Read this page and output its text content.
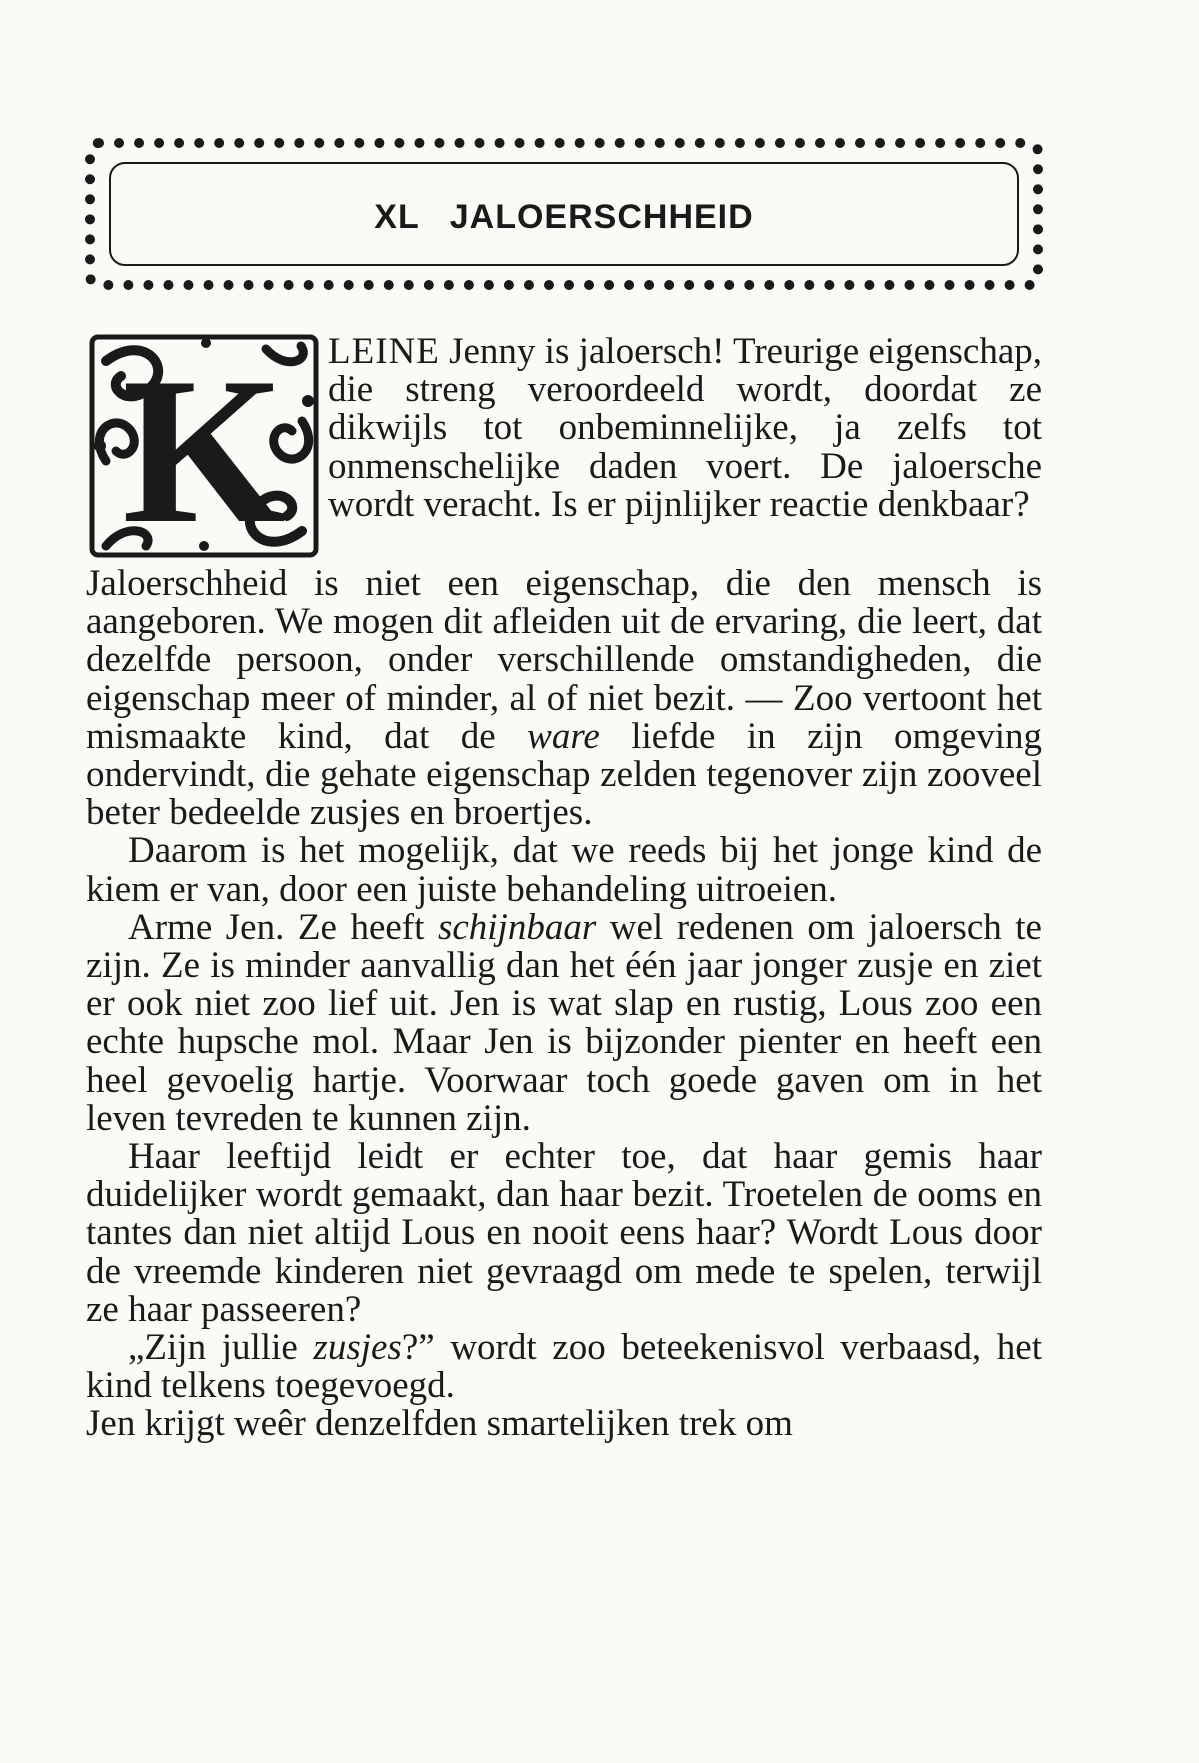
XL JALOERSCHHEID
K LEINE Jenny is jaloersch! Treurige eigenschap, die streng veroordeeld wordt, doordat ze dikwijls tot onbeminnelijke, ja zelfs tot onmenschelijke daden voert. De jaloersche wordt veracht. Is er pijnlijker reactie denkbaar?

Jaloerschheid is niet een eigenschap, die den mensch is aangeboren. We mogen dit afleiden uit de ervaring, die leert, dat dezelfde persoon, onder verschillende omstandigheden, die eigenschap meer of minder, al of niet bezit. — Zoo vertoont het mismaakte kind, dat de ware liefde in zijn omgeving ondervindt, die gehate eigenschap zelden tegenover zijn zooveel beter bedeelde zusjes en broertjes.

Daarom is het mogelijk, dat we reeds bij het jonge kind de kiem er van, door een juiste behandeling uitroeien.

Arme Jen. Ze heeft schijnbaar wel redenen om jaloersch te zijn. Ze is minder aanvallig dan het één jaar jonger zusje en ziet er ook niet zoo lief uit. Jen is wat slap en rustig, Lous zoo een echte hupsche mol. Maar Jen is bijzonder pienter en heeft een heel gevoelig hartje. Voorwaar toch goede gaven om in het leven tevreden te kunnen zijn.

Haar leeftijd leidt er echter toe, dat haar gemis haar duidelijker wordt gemaakt, dan haar bezit. Troetelen de ooms en tantes dan niet altijd Lous en nooit eens haar? Wordt Lous door de vreemde kinderen niet gevraagd om mede te spelen, terwijl ze haar passeeren?

„Zijn jullie zusjes?” wordt zoo beteekenisvol verbaasd, het kind telkens toegevoegd.

Jen krijgt weêr denzelfden smartelijken trek om
